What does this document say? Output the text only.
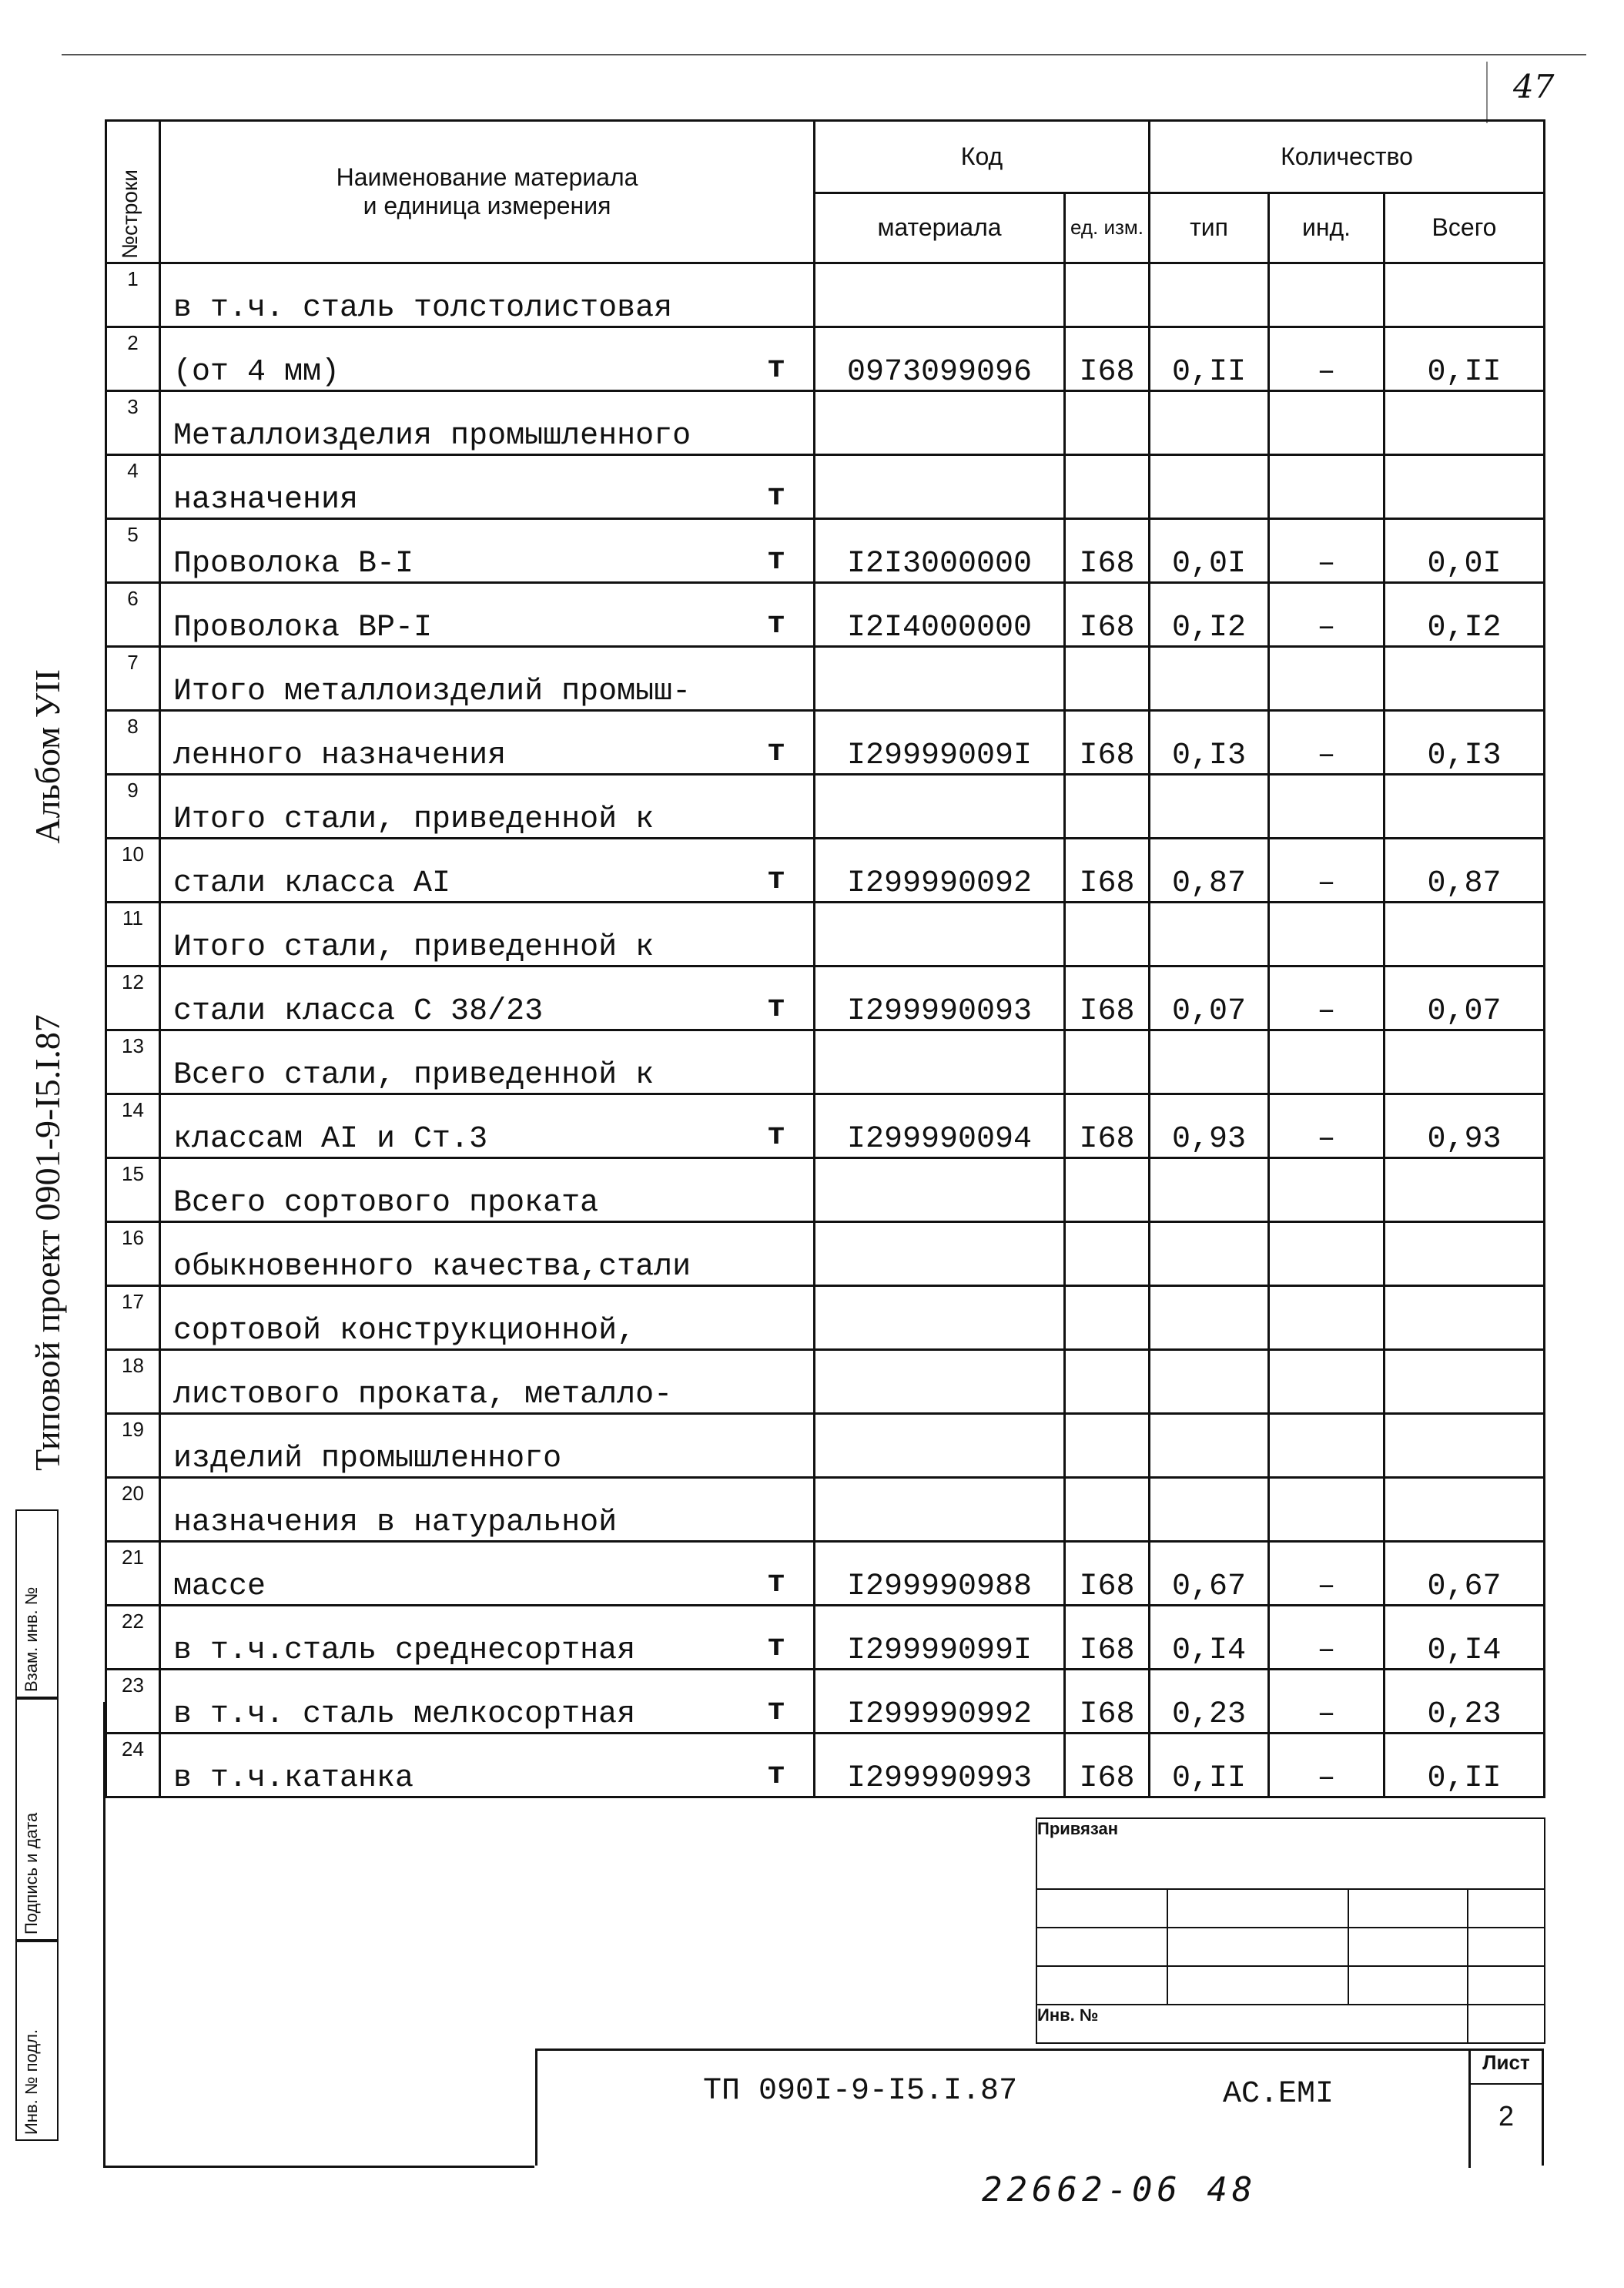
47
Типовой проект 0901-9-I5.I.87 Альбом УII
Взам. инв. №
Подпись и дата
Инв. № подл.
№строки	Наименование материала
и единица измерения	Код		Количество		
		материала	ед. изм.	тип	инд.	Всего
1	в т.ч. сталь толстолистовая

2	(от 4 мм) т	0973099096	I68	0,II	–	0,II
3	Металлоизделия промышленного

4	назначения т					

5	Проволока В-I т	I2I3000000	I68	0,0I	–	0,0I
6	Проволока ВР-I т	I2I4000000	I68	0,I2	–	0,I2
7	Итого металлоизделий промыш-

8	ленного назначения т	I29999009I	I68	0,I3	–	0,I3
9	Итого стали, приведенной к

10	стали класса АI т	I299990092	I68	0,87	–	0,87
11	Итого стали, приведенной к

12	стали класса С 38/23 т	I299990093	I68	0,07	–	0,07
13	Всего стали, приведенной к

14	классам АI и Ст.3 т	I299990094	I68	0,93	–	0,93
15	Всего сортового проката

16	обыкновенного качества,стали

17	сортовой конструкционной,

18	листового проката, металло-

19	изделий промышленного

20	назначения в натуральной

21	массе т	I299990988	I68	0,67	–	0,67
22	в т.ч.сталь среднесортная т	I29999099I	I68	0,I4	–	0,I4
23	в т.ч. сталь мелкосортная т	I299990992	I68	0,23	–	0,23
24	в т.ч.катанка т	I299990993	I68	0,II	–	0,II
Привязан			

Инв. №			
ТП 090I-9-I5.I.87	АС.ЕМI
Лист
2
22662-06 48
